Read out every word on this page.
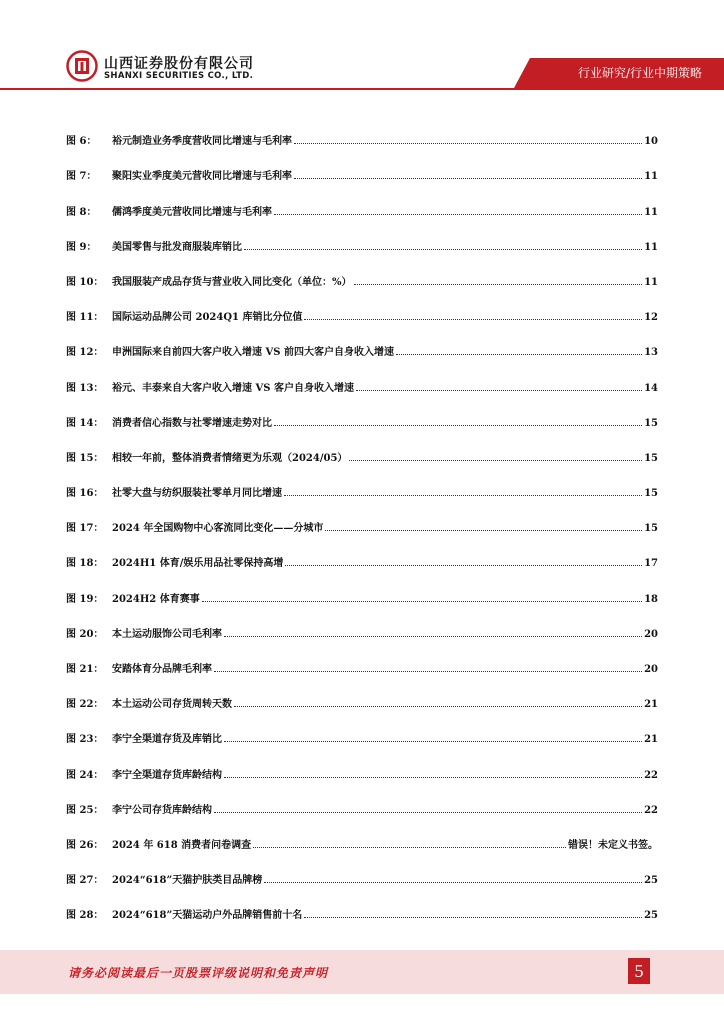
山西证券股份有限公司
SHANXI SECURITIES CO., LTD.	行业研究/行业中期策略
图 6：	裕元制造业务季度营收同比增速与毛利率	10
图 7：	聚阳实业季度美元营收同比增速与毛利率	11
图 8：	儒鸿季度美元营收同比增速与毛利率	11
图 9：	美国零售与批发商服装库销比	11
图 10： 我国服装产成品存货与营业收入同比变化（单位：%）	11
图 11： 国际运动品牌公司 2024Q1 库销比分位值	12
图 12： 申洲国际来自前四大客户收入增速 VS 前四大客户自身收入增速	13
图 13： 裕元、丰泰来自大客户收入增速 VS 客户自身收入增速	14
图 14： 消费者信心指数与社零增速走势对比	15
图 15： 相较一年前，整体消费者情绪更为乐观（2024/05）	15
图 16： 社零大盘与纺织服装社零单月同比增速	15
图 17： 2024 年全国购物中心客流同比变化——分城市	15
图 18： 2024H1 体育/娱乐用品社零保持高增	17
图 19： 2024H2 体育赛事	18
图 20： 本土运动服饰公司毛利率	20
图 21： 安踏体育分品牌毛利率	20
图 22： 本土运动公司存货周转天数	21
图 23： 李宁全渠道存货及库销比	21
图 24： 李宁全渠道存货库龄结构	22
图 25： 李宁公司存货库龄结构	22
图 26： 2024 年 618 消费者问卷调查	错误！未定义书签。
图 27： 2024“618”天猫护肤类目品牌榜	25
图 28： 2024“618”天猫运动户外品牌销售前十名	25
请务必阅读最后一页股票评级说明和免责声明	5
